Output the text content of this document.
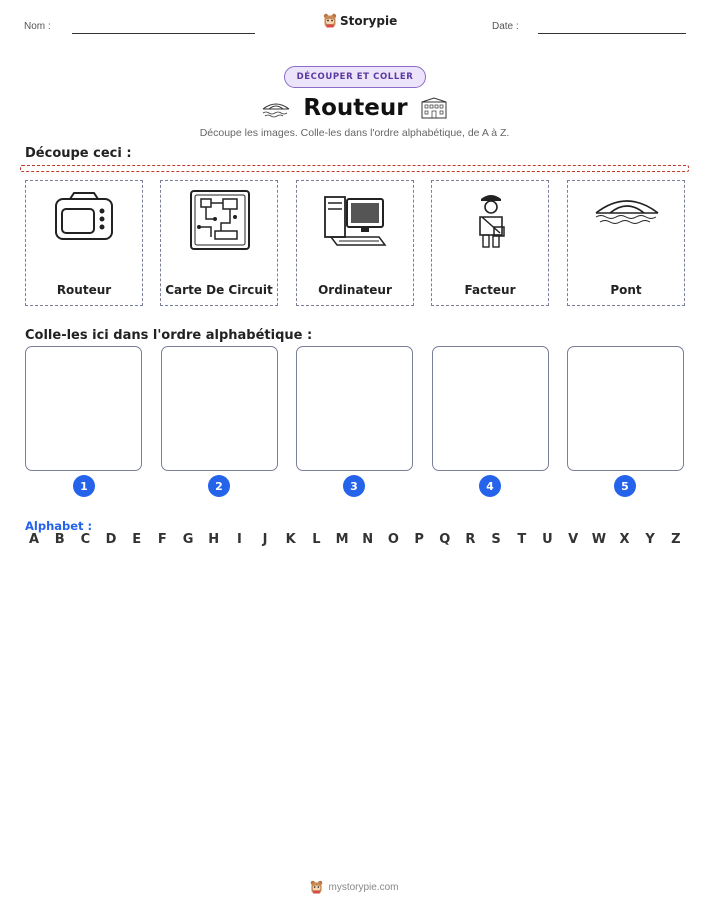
Nom :	Storypie	Date :
DÉCOUPER ET COLLER
Routeur
Découpe les images. Colle-les dans l'ordre alphabétique, de A à Z.
Découpe ceci :
Routeur	Carte De Circuit	Ordinateur	Facteur	Pont
Colle-les ici dans l'ordre alphabétique :
1	2	3	4	5
Alphabet :
A B C D E F G H	I	J	K L M N O P Q R S T U V W X Y Z
mystorypie.com
